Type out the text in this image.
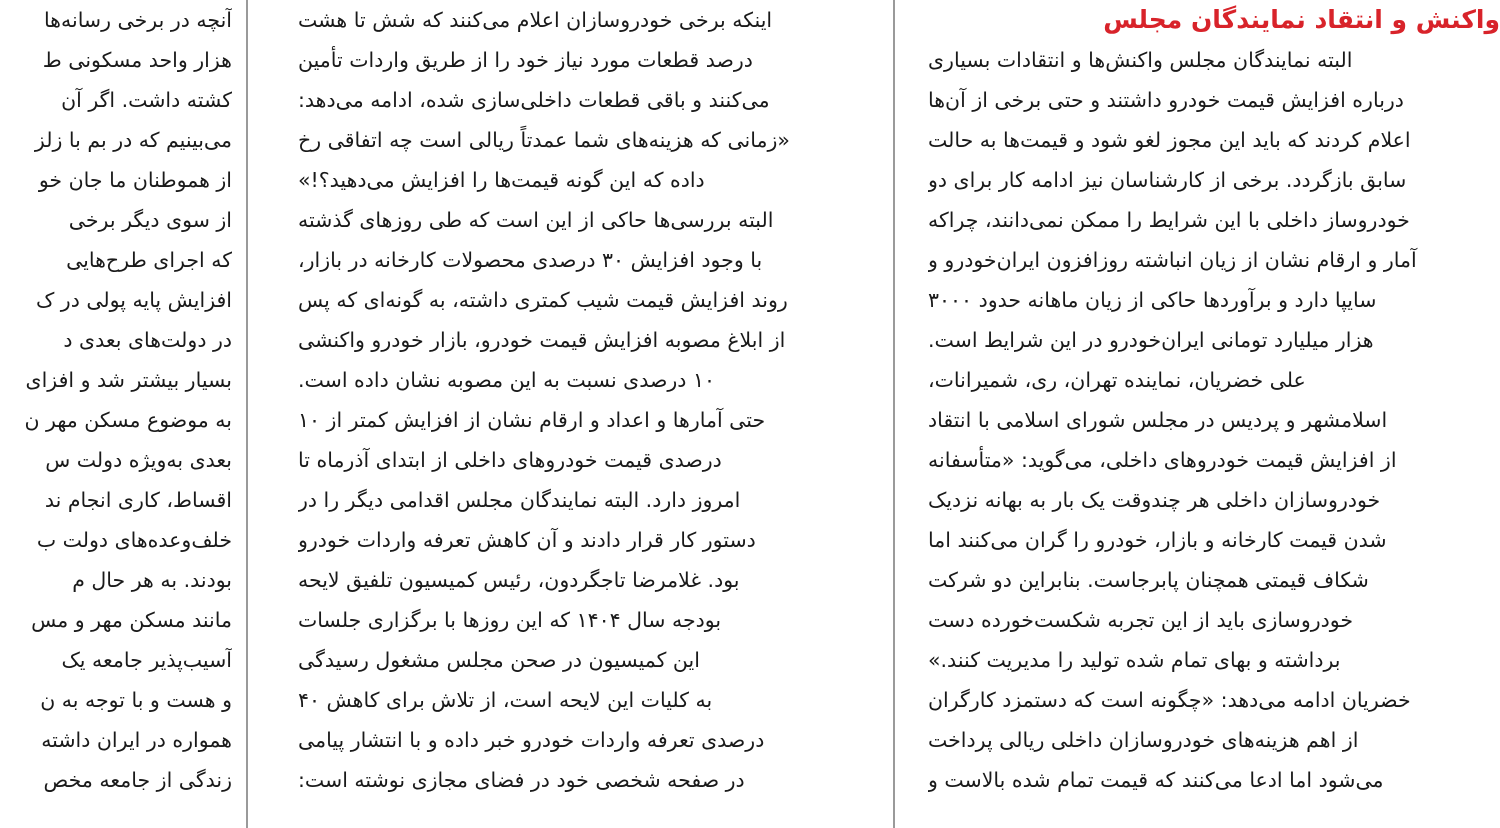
واکنش و انتقاد نمایندگان مجلس
البته نمایندگان مجلس واکنش‌ها و انتقادات بسیاری
درباره افزایش قیمت خودرو داشتند و حتی برخی از آن‌ها
اعلام کردند که باید این مجوز لغو شود و قیمت‌ها به حالت
سابق بازگردد. برخی از کارشناسان نیز ادامه کار برای دو
خودروساز داخلی با این شرایط را ممکن نمی‌دانند، چراکه
آمار و ارقام نشان از زیان انباشته روزافزون ایران‌خودرو و
سایپا دارد و برآوردها حاکی از زیان ماهانه حدود ۳۰۰۰
هزار میلیارد تومانی ایران‌خودرو در این شرایط است.
علی خضریان، نماینده تهران، ری، شمیرانات،
اسلامشهر و پردیس در مجلس شورای اسلامی با انتقاد
از افزایش قیمت خودروهای داخلی، می‌گوید: «متأسفانه
خودروسازان داخلی هر چندوقت یک بار به بهانه نزدیک
شدن قیمت کارخانه و بازار، خودرو را گران می‌کنند اما
شکاف قیمتی همچنان پابرجاست. بنابراین دو شرکت
خودروسازی باید از این تجربه شکست‌خورده دست
برداشته و بهای تمام شده تولید را مدیریت کنند.»
خضریان ادامه می‌دهد: «چگونه است که دستمزد کارگران
از اهم هزینه‌های خودروسازان داخلی ریالی پرداخت
می‌شود اما ادعا می‌کنند که قیمت تمام شده بالاست و
اینکه برخی خودروسازان اعلام می‌کنند که شش تا هشت
درصد قطعات مورد نیاز خود را از طریق واردات تأمین
می‌کنند و باقی قطعات داخلی‌سازی شده، ادامه می‌دهد:
«زمانی که هزینه‌های شما عمدتاً ریالی است چه اتفاقی رخ
داده که این گونه قیمت‌ها را افزایش می‌دهید؟!»
البته بررسی‌ها حاکی از این است که طی روزهای گذشته
با وجود افزایش ۳۰ درصدی محصولات کارخانه در بازار،
روند افزایش قیمت شیب کمتری داشته، به گونه‌ای که پس
از ابلاغ مصوبه افزایش قیمت خودرو، بازار خودرو واکنشی
۱۰ درصدی نسبت به این مصوبه نشان داده است.
حتی آمارها و اعداد و ارقام نشان از افزایش کمتر از ۱۰
درصدی قیمت خودروهای داخلی از ابتدای آذرماه تا
امروز دارد. البته نمایندگان مجلس اقدامی دیگر را در
دستور کار قرار دادند و آن کاهش تعرفه واردات خودرو
بود. غلامرضا تاجگردون، رئیس کمیسیون تلفیق لایحه
بودجه سال ۱۴۰۴ که این روزها با برگزاری جلسات
این کمیسیون در صحن مجلس مشغول رسیدگی
به کلیات این لایحه است، از تلاش برای کاهش ۴۰
درصدی تعرفه واردات خودرو خبر داده و با انتشار پیامی
در صفحه شخصی خود در فضای مجازی نوشته است:
آنچه در برخی رسانه‌ها
هزار واحد مسکونی ط
کشته داشت. اگر آن
می‌بینیم که در بم با زلز
از هموطنان ما جان خو
از سوی دیگر برخی
که اجرای طرح‌هایی
افزایش پایه پولی در ک
در دولت‌های بعدی د
بسیار بیشتر شد و افزای
به موضوع مسکن مهر ن
بعدی به‌ویژه دولت س
اقساط، کاری انجام ند
خلف‌وعده‌های دولت ب
بودند. به هر حال م
مانند مسکن مهر و مس
آسیب‌پذیر جامعه یک
و هست و با توجه به ن
همواره در ایران داشته
زندگی از جامعه مخص
